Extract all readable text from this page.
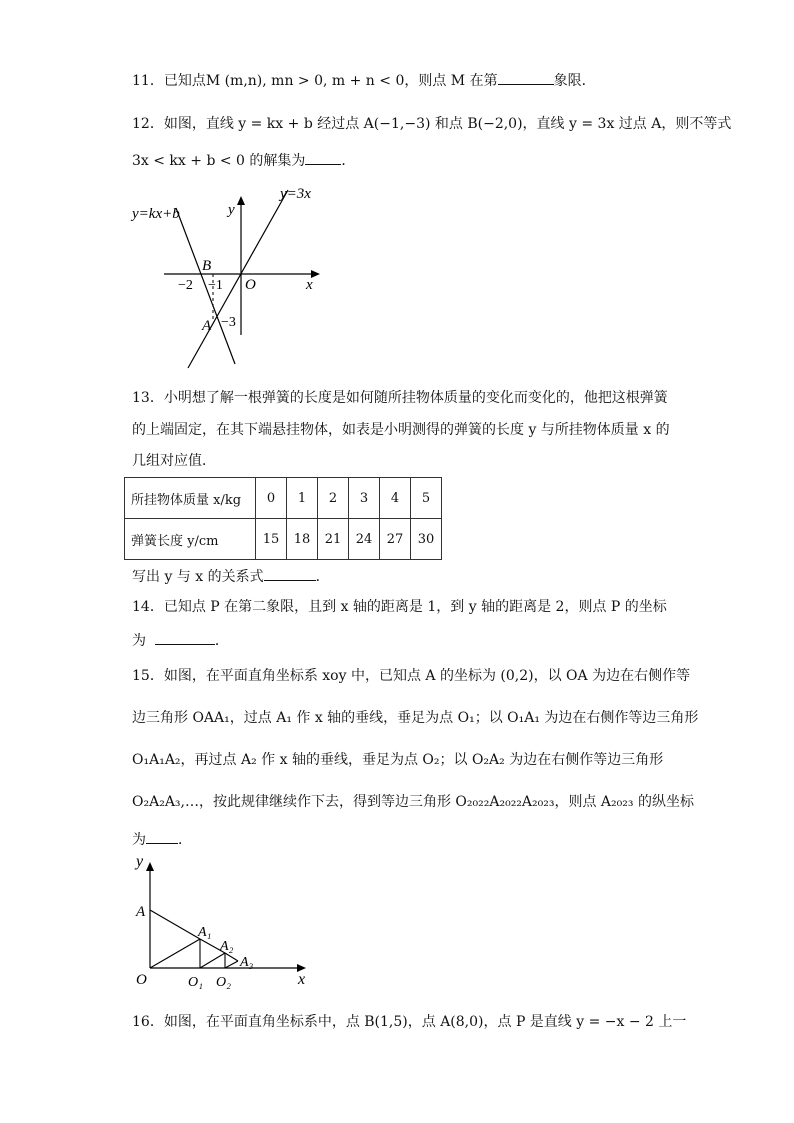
11．已知点M (m,n), mn > 0, m + n < 0，则点 M 在第	象限．
12．如图，直线 y = kx + b 经过点 A(−1,−3) 和点 B(−2,0)，直线 y = 3x 过点 A，则不等式
3x < kx + b < 0 的解集为	．
y=3x
y=kx+b	y
x
B
O
A
−2 −1
−3
13．小明想了解一根弹簧的长度是如何随所挂物体质量的变化而变化的，他把这根弹簧
的上端固定，在其下端悬挂物体，如表是小明测得的弹簧的长度 y 与所挂物体质量 x 的
几组对应值．
所挂物体质量 x/kg	0	1	2	3	4	5
弹簧长度 y/cm	15	18	21	24	27	30
写出 y 与 x 的关系式	．
14．已知点 P 在第二象限，且到 x 轴的距离是 1，到 y 轴的距离是 2，则点 P 的坐标
为	．
15．如图，在平面直角坐标系 xoy 中，已知点 A 的坐标为 (0,2)，以 OA 为边在右侧作等
边三角形 OAA₁，过点 A₁ 作 x 轴的垂线，垂足为点 O₁；以 O₁A₁ 为边在右侧作等边三角形
O₁A₁A₂，再过点 A₂ 作 x 轴的垂线，垂足为点 O₂；以 O₂A₂ 为边在右侧作等边三角形
O₂A₂A₃,…，按此规律继续作下去，得到等边三角形 O₂₀₂₂A₂₀₂₂A₂₀₂₃，则点 A₂₀₂₃ 的纵坐标
为 ．
y
x
A
A₁
A₂
A₃
O	O₁ O₂
16．如图，在平面直角坐标系中，点 B(1,5)，点 A(8,0)，点 P 是直线 y = −x − 2 上一
